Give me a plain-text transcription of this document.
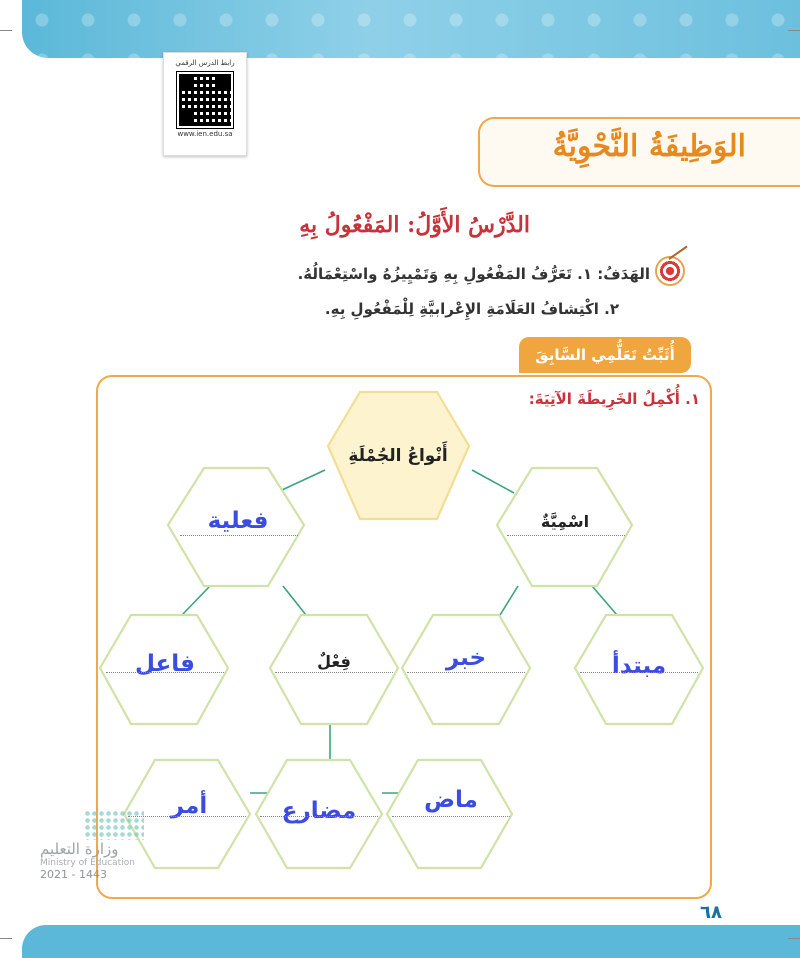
رابط الدرس الرقمي
www.ien.edu.sa	الوَظِيفَةُ النَّحْوِيَّةُ
الدَّرْسُ الأَوَّلُ: المَفْعُولُ بِهِ
الهَدَفُ: ١. تَعَرُّفُ المَفْعُولِ بِهِ وَتَمْيِيزُهُ واسْتِعْمَالُهُ.
٢. اكْتِشافُ العَلَامَةِ الإِعْرابيَّةِ لِلْمَفْعُولِ بِهِ.
أُثَبِّتُ تَعَلُّمِي السَّابِقَ
١. أُكْمِلُ الخَرِيطَةَ الآتِيَةَ:
أَنْواعُ الجُمْلَةِ
فعلية	اسْمِيَّةٌ
فاعل	فِعْلٌ	خبر	مبتدأ
أمر	مضارع	ماض
وزارة التعليم
Ministry of Education
2021 - 1443
٦٨
